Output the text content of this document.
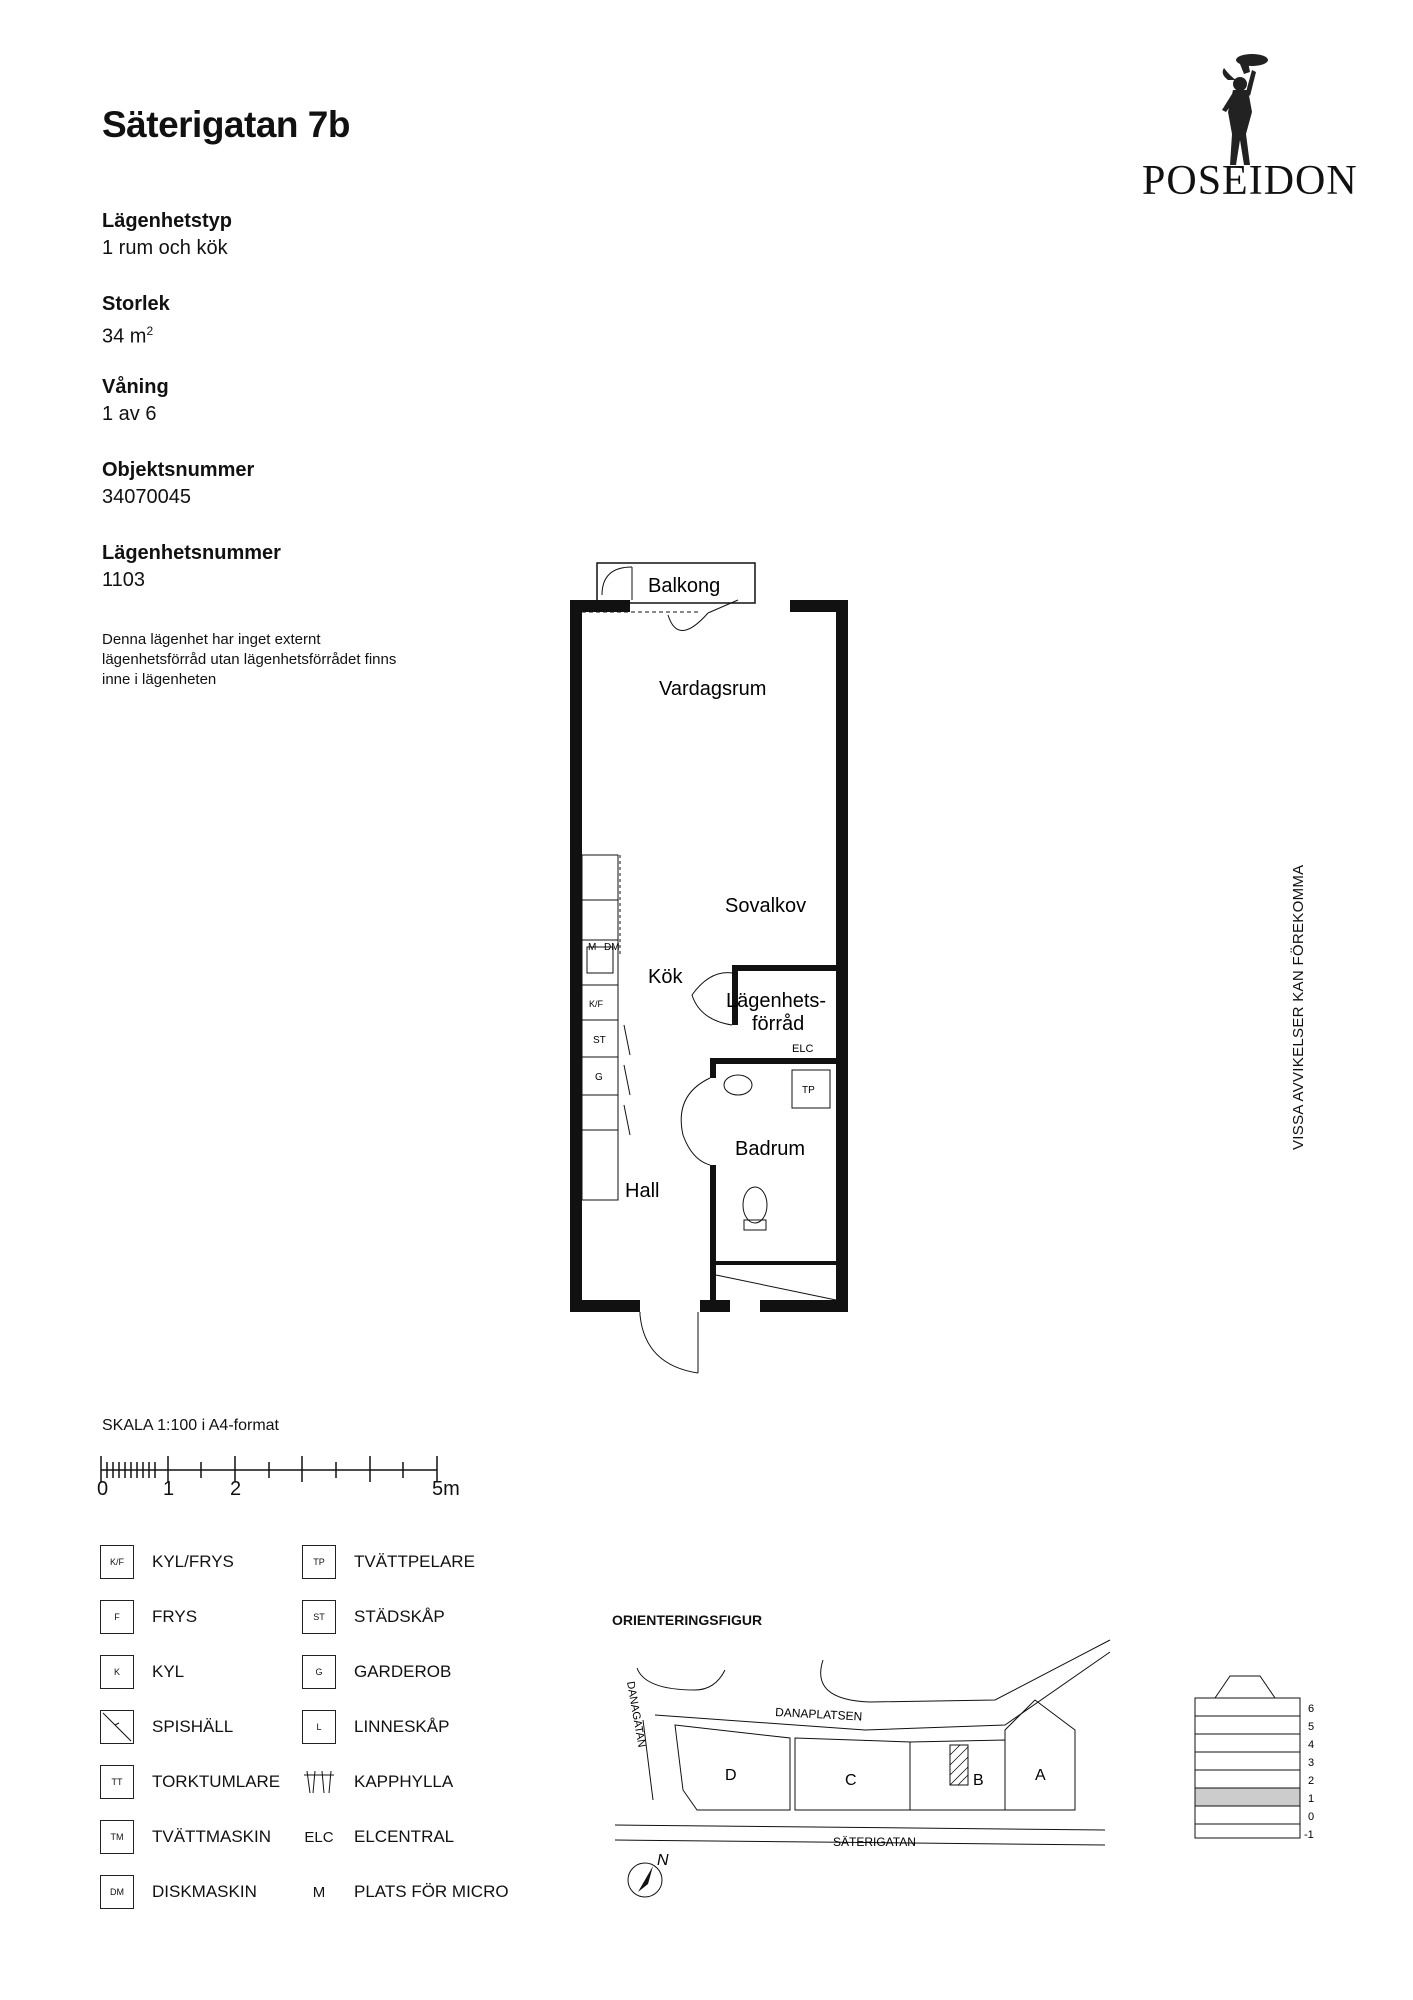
Säterigatan 7b
POSEIDON
Lägenhetstyp
1 rum och kök
Storlek
34 $m^2$
Våning
1 av 6
Objektsnummer
34070045
Lägenhetsnummer
1103
Denna lägenhet har inget externt lägenhetsförråd utan lägenhetsförrådet finns inne i lägenheten
VISSA AVVIKELSER KAN FÖREKOMMA
Balkong
Vardagsrum
Sovalkov
Kök
Lägenhets-
förråd
Badrum
Hall
M DM
K/F
ST
G
TP
ELC
SKALA 1:100 i A4-format
0	1	2	5m
K/F	KYL/FRYS
F	FRYS
K	KYL
SPISHÄLL
TT	TORKTUMLARE
TM	TVÄTTMASKIN
DM	DISKMASKIN
TP	TVÄTTPELARE
ST	STÄDSKÅP
G	GARDEROB
L	LINNESKÅP
KAPPHYLLA
ELC ELCENTRAL
M	PLATS FÖR MICRO
ORIENTERINGSFIGUR
D	C	B	A
DANAPLATSEN
SÄTERIGATAN
DANAGATAN
N
6
5
4
3
2
1
0
-1
